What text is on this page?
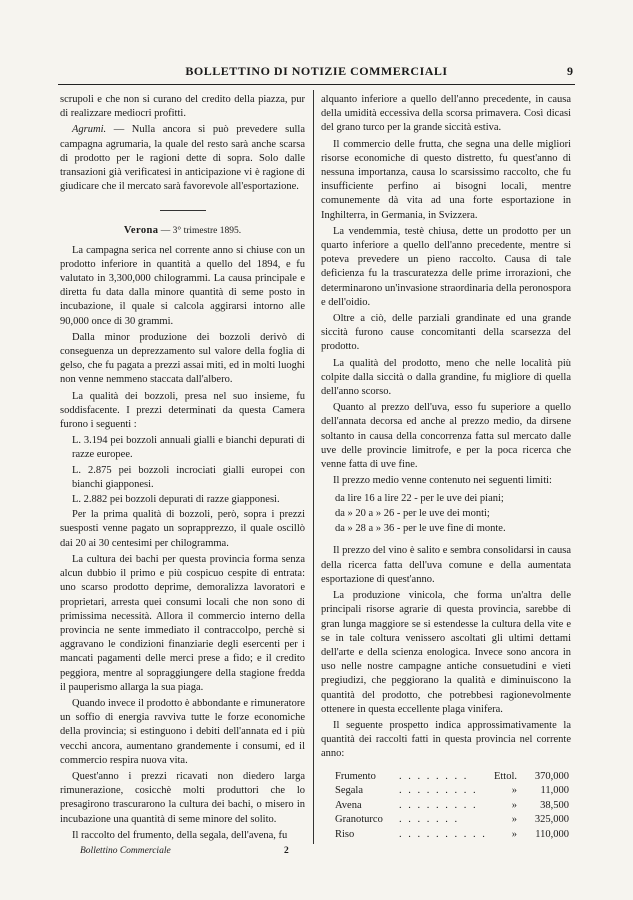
BOLLETTINO DI NOTIZIE COMMERCIALI	9

scrupoli e che non si curano del credito della piazza, pur di realizzare mediocri profitti.

Agrumi. — Nulla ancora si può prevedere sulla campagna agrumaria, la quale del resto sarà anche scarsa di prodotto per le ragioni dette di sopra. Solo dalle transazioni già verificatesi in anticipazione vi è ragione di giudicare che il mercato sarà favorevole all'esportazione.

Verona — 3° trimestre 1895.

La campagna serica nel corrente anno si chiuse con un prodotto inferiore in quantità a quello del 1894, e fu valutato in 3,300,000 chilogrammi. La causa principale e diretta fu data dalla minore quantità di seme posto in incubazione, il quale si calcola aggirarsi intorno alle 90,000 once di 30 grammi.

Dalla minor produzione dei bozzoli derivò di conseguenza un deprezzamento sul valore della foglia di gelso, che fu pagata a prezzi assai miti, ed in molti luoghi non venne nemmeno staccata dall'albero.

La qualità dei bozzoli, presa nel suo insieme, fu soddisfacente. I prezzi determinati da questa Camera furono i seguenti :

L. 3.194 pei bozzoli annuali gialli e bianchi depurati di razze europee.

L. 2.875 pei bozzoli incrociati gialli europei con bianchi giapponesi.

L. 2.882 pei bozzoli depurati di razze giapponesi.

Per la prima qualità di bozzoli, però, sopra i prezzi suesposti venne pagato un soprapprezzo, il quale oscillò dai 20 ai 30 centesimi per chilogramma.

La cultura dei bachi per questa provincia forma senza alcun dubbio il primo e più cospicuo cespite di entrata: uno scarso prodotto deprime, demoralizza lavoratori e proprietari, arresta quei consumi locali che non sono di primissima necessità. Allora il commercio interno della provincia ne sente immediato il contraccolpo, perchè si aggravano le condizioni finanziarie degli esercenti per i mancati pagamenti delle merci prese a fido; e il credito peggiora, mentre al sopraggiungere della stagione fredda il pauperismo allarga la sua piaga.

Quando invece il prodotto è abbondante e rimuneratore un soffio di energia ravviva tutte le forze economiche della provincia; si estinguono i debiti dell'annata ed i più vecchi ancora, aumentano grandemente i consumi, ed il commercio respira nuova vita.

Quest'anno i prezzi ricavati non diedero larga rimunerazione, cosicchè molti produttori che lo presagirono trascurarono la cultura dei bachi, o misero in incubazione una quantità di seme minore del solito.

Il raccolto del frumento, della segala, dell'avena, fu

alquanto inferiore a quello dell'anno precedente, in causa della umidità eccessiva della scorsa primavera. Così dicasi del grano turco per la grande siccità estiva.

Il commercio delle frutta, che segna una delle migliori risorse economiche di questo distretto, fu quest'anno di nessuna importanza, causa lo scarsissimo raccolto, che fu insufficiente perfino ai bisogni locali, mentre comunemente dà vita ad una forte esportazione in Inghilterra, in Germania, in Svizzera.

La vendemmia, testè chiusa, dette un prodotto per un quarto inferiore a quello dell'anno precedente, mentre si poteva prevedere un pieno raccolto. Causa di tale deficienza fu la trascuratezza delle prime irrorazioni, che determinarono un'invasione straordinaria della peronospora e dell'oidio.

Oltre a ciò, delle parziali grandinate ed una grande siccità furono cause concomitanti della scarsezza del prodotto.

La qualità del prodotto, meno che nelle località più colpite dalla siccità o dalla grandine, fu migliore di quella dell'anno scorso.

Quanto al prezzo dell'uva, esso fu superiore a quello dell'annata decorsa ed anche al prezzo medio, da dirsene soltanto in causa della concorrenza fatta sul mercato dalle uve delle provincie limitrofe, e per la poca ricerca che venne fatta di uve fine.

Il prezzo medio venne contenuto nei seguenti limiti:

da lire 16 a lire 22 - per le uve dei piani;
da » 20 a » 26 - per le uve dei monti;
da » 28 a » 36 - per le uve fine di monte.

Il prezzo del vino è salito e sembra consolidarsi in causa della ricerca fatta dell'uva comune e della aumentata esportazione di quest'anno.

La produzione vinicola, che forma un'altra delle principali risorse agrarie di questa provincia, sarebbe di gran lunga maggiore se si estendesse la cultura della vite e se in tale coltura venissero ascoltati gli ultimi dettami dell'arte e della scienza enologica. Invece sono ancora in uso nelle nostre campagne antiche consuetudini e vieti pregiudizi, che peggiorano la qualità e diminuiscono la quantità del prodotto, che potrebbesi ragionevolmente ottenere in questa eccellente plaga vinifera.

Il seguente prospetto indica approssimativamente la quantità dei raccolti fatti in questa provincia nel corrente anno:

Frumento	. . . . . . . .	Ettol.	370,000
Segala	. . . . . . . . .	»	11,000
Avena	. . . . . . . . .	»	38,500
Granoturco	. . . . . . .	»	325,000
Riso	. . . . . . . . . .	»	110,000
Bollettino Commerciale	2
